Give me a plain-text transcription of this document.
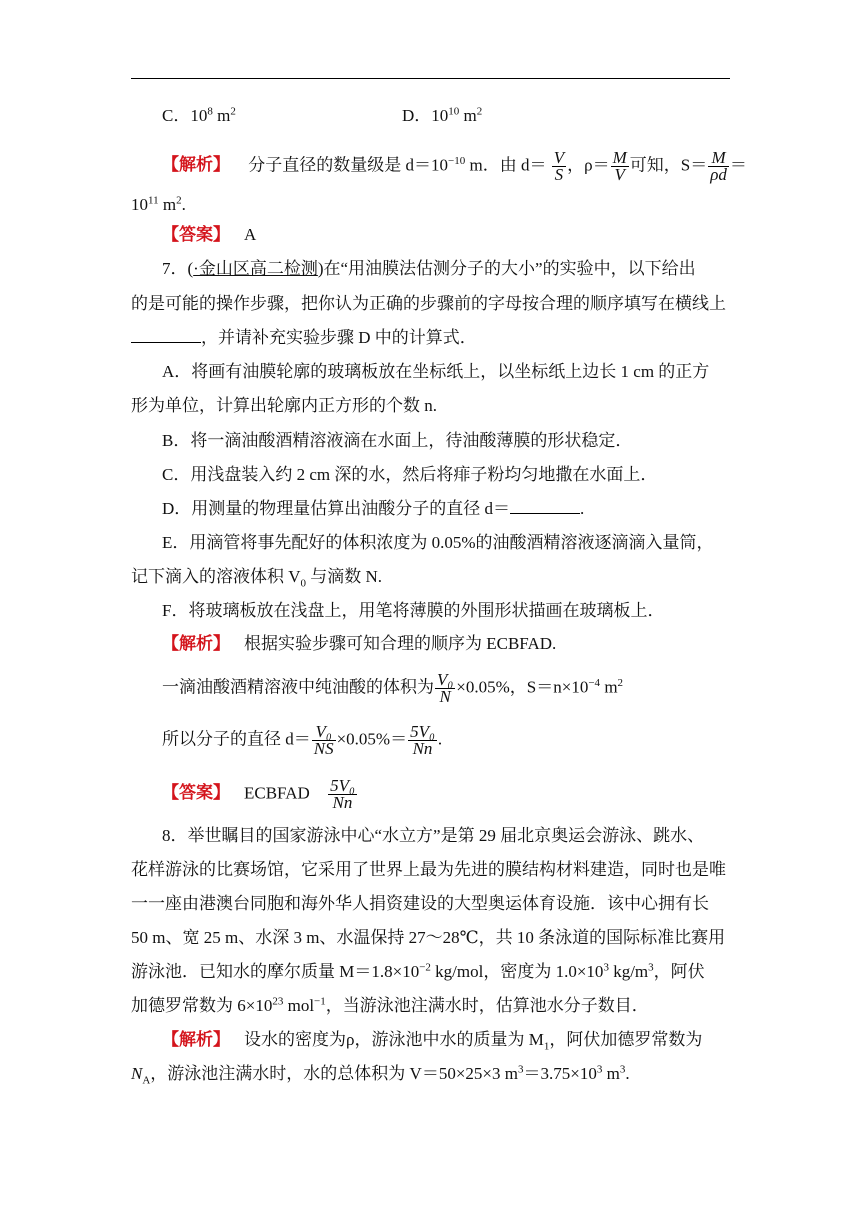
C．$10^8$ $m^2$	D．$10^{10}$ $m^2$
【解析】 分子直径的数量级是 $d=10^{-10}$ m．由 $d= \frac{V}{S}$ ，$\rho= \frac{M}{V}$ 可知，$S= \frac{M}{\rho d}$ ＝
$10^{11}$ $m^2$.
【答案】 A
7．(·金山区高二检测)在“用油膜法估测分子的大小”的实验中，以下给出
的是可能的操作步骤，把你认为正确的步骤前的字母按合理的顺序填写在横线上
，并请补充实验步骤 D 中的计算式．
A．将画有油膜轮廓的玻璃板放在坐标纸上，以坐标纸上边长 1 cm 的正方
形为单位，计算出轮廓内正方形的个数 n.
B．将一滴油酸酒精溶液滴在水面上，待油酸薄膜的形状稳定．
C．用浅盘装入约 2 cm 深的水，然后将痱子粉均匀地撒在水面上．
D．用测量的物理量估算出油酸分子的直径 d＝	.
E．用滴管将事先配好的体积浓度为 0.05%的油酸酒精溶液逐滴滴入量筒，
记下滴入的溶液体积 $V_0$ 与滴数 N.
F．将玻璃板放在浅盘上，用笔将薄膜的外围形状描画在玻璃板上．
【解析】 根据实验步骤可知合理的顺序为 ECBFAD.
一滴油酸酒精溶液中纯油酸的体积为 $\frac{\text{V₀}}{N} \times 0.05\%$，$S=n\times 10^{-4}$ $m^2$
所以分子的直径 $d= \frac{\text{V₀}}{NS} \times 0.05\%= \frac{\text{5V₀}}{Nn}$ .
【答案】 ECBFAD $\frac{\text{5V₀}}{Nn}$
8．举世瞩目的国家游泳中心“水立方”是第 29 届北京奥运会游泳、跳水、
花样游泳的比赛场馆，它采用了世界上最为先进的膜结构材料建造，同时也是唯
一一座由港澳台同胞和海外华人捐资建设的大型奥运体育设施．该中心拥有长
50 m、宽 25 m、水深 3 m、水温保持 27～28℃，共 10 条泳道的国际标准比赛用
游泳池．已知水的摩尔质量 $M=1.8\times 10^{-2}$ kg/mol，密度为 $1.0\times 10^3$ $kg/m^3$，阿伏
加德罗常数为 $6\times 10^{23}$ mol$^{-1}$，当游泳池注满水时，估算池水分子数目．
【解析】 设水的密度为ρ，游泳池中水的质量为 $M_1$，阿伏加德罗常数为
$N_A$，游泳池注满水时，水的总体积为 V＝50×25×3 $m^3=3.75\times 10^3$ $m^3$.
